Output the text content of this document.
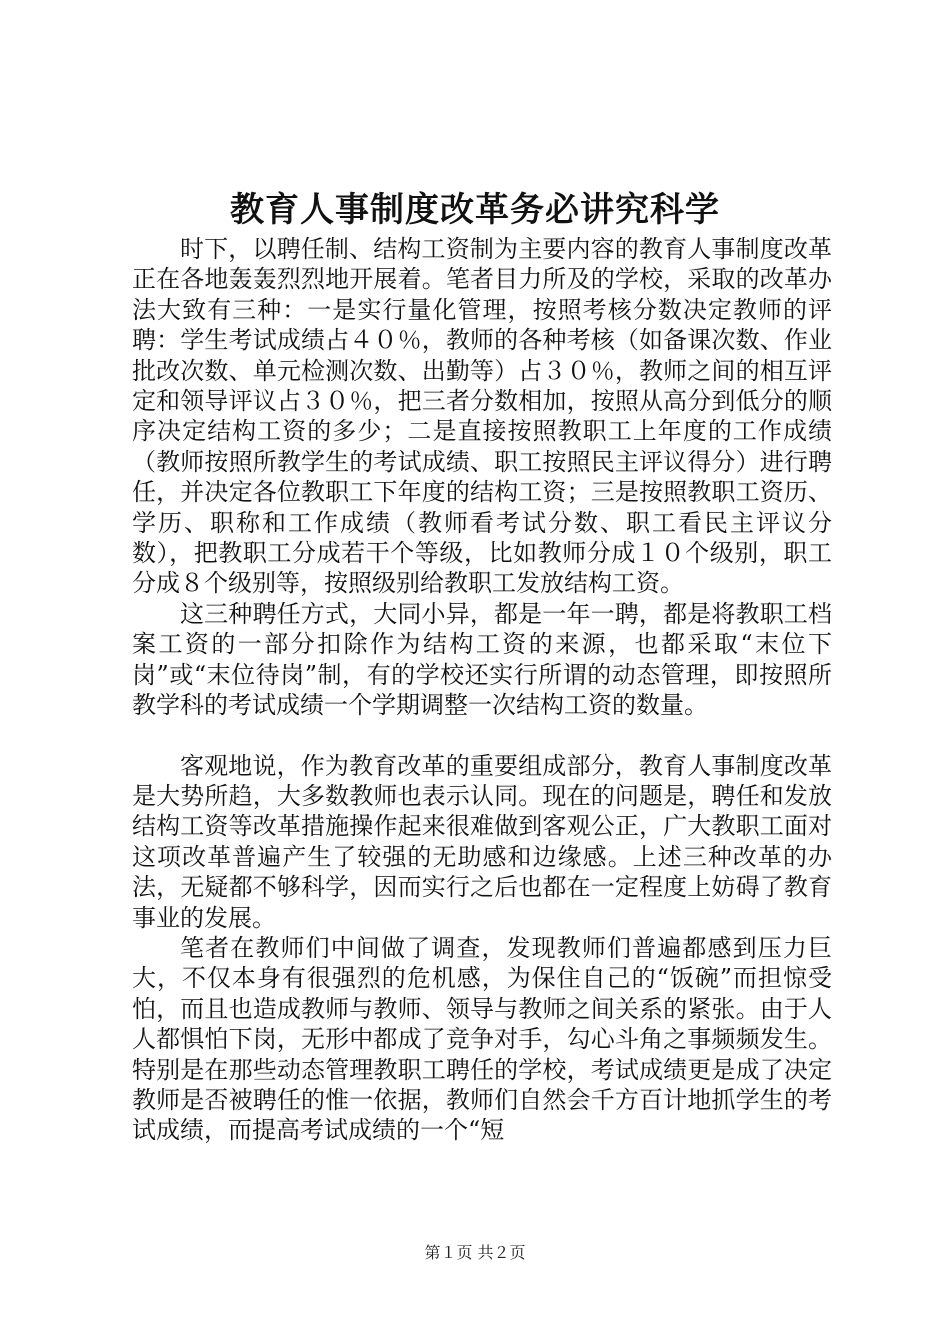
教育人事制度改革务必讲究科学

时下，以聘任制、结构工资制为主要内容的教育人事制度改革正在各地轰轰烈烈地开展着。笔者目力所及的学校，采取的改革办法大致有三种：一是实行量化管理，按照考核分数决定教师的评聘：学生考试成绩占４０％，教师的各种考核（如备课次数、作业批改次数、单元检测次数、出勤等）占３０％，教师之间的相互评定和领导评议占３０％，把三者分数相加，按照从高分到低分的顺序决定结构工资的多少；二是直接按照教职工上年度的工作成绩（教师按照所教学生的考试成绩、职工按照民主评议得分）进行聘任，并决定各位教职工下年度的结构工资；三是按照教职工资历、学历、职称和工作成绩（教师看考试分数、职工看民主评议分数），把教职工分成若干个等级，比如教师分成１０个级别，职工分成８个级别等，按照级别给教职工发放结构工资。

这三种聘任方式，大同小异，都是一年一聘，都是将教职工档案工资的一部分扣除作为结构工资的来源，也都采取“末位下岗”或“末位待岗”制，有的学校还实行所谓的动态管理，即按照所教学科的考试成绩一个学期调整一次结构工资的数量。

客观地说，作为教育改革的重要组成部分，教育人事制度改革是大势所趋，大多数教师也表示认同。现在的问题是，聘任和发放结构工资等改革措施操作起来很难做到客观公正，广大教职工面对这项改革普遍产生了较强的无助感和边缘感。上述三种改革的办法，无疑都不够科学，因而实行之后也都在一定程度上妨碍了教育事业的发展。

笔者在教师们中间做了调查，发现教师们普遍都感到压力巨大，不仅本身有很强烈的危机感，为保住自己的“饭碗”而担惊受怕，而且也造成教师与教师、领导与教师之间关系的紧张。由于人人都惧怕下岗，无形中都成了竞争对手，勾心斗角之事频频发生。特别是在那些动态管理教职工聘任的学校，考试成绩更是成了决定教师是否被聘任的惟一依据，教师们自然会千方百计地抓学生的考试成绩，而提高考试成绩的一个“短

第１页 共２页
